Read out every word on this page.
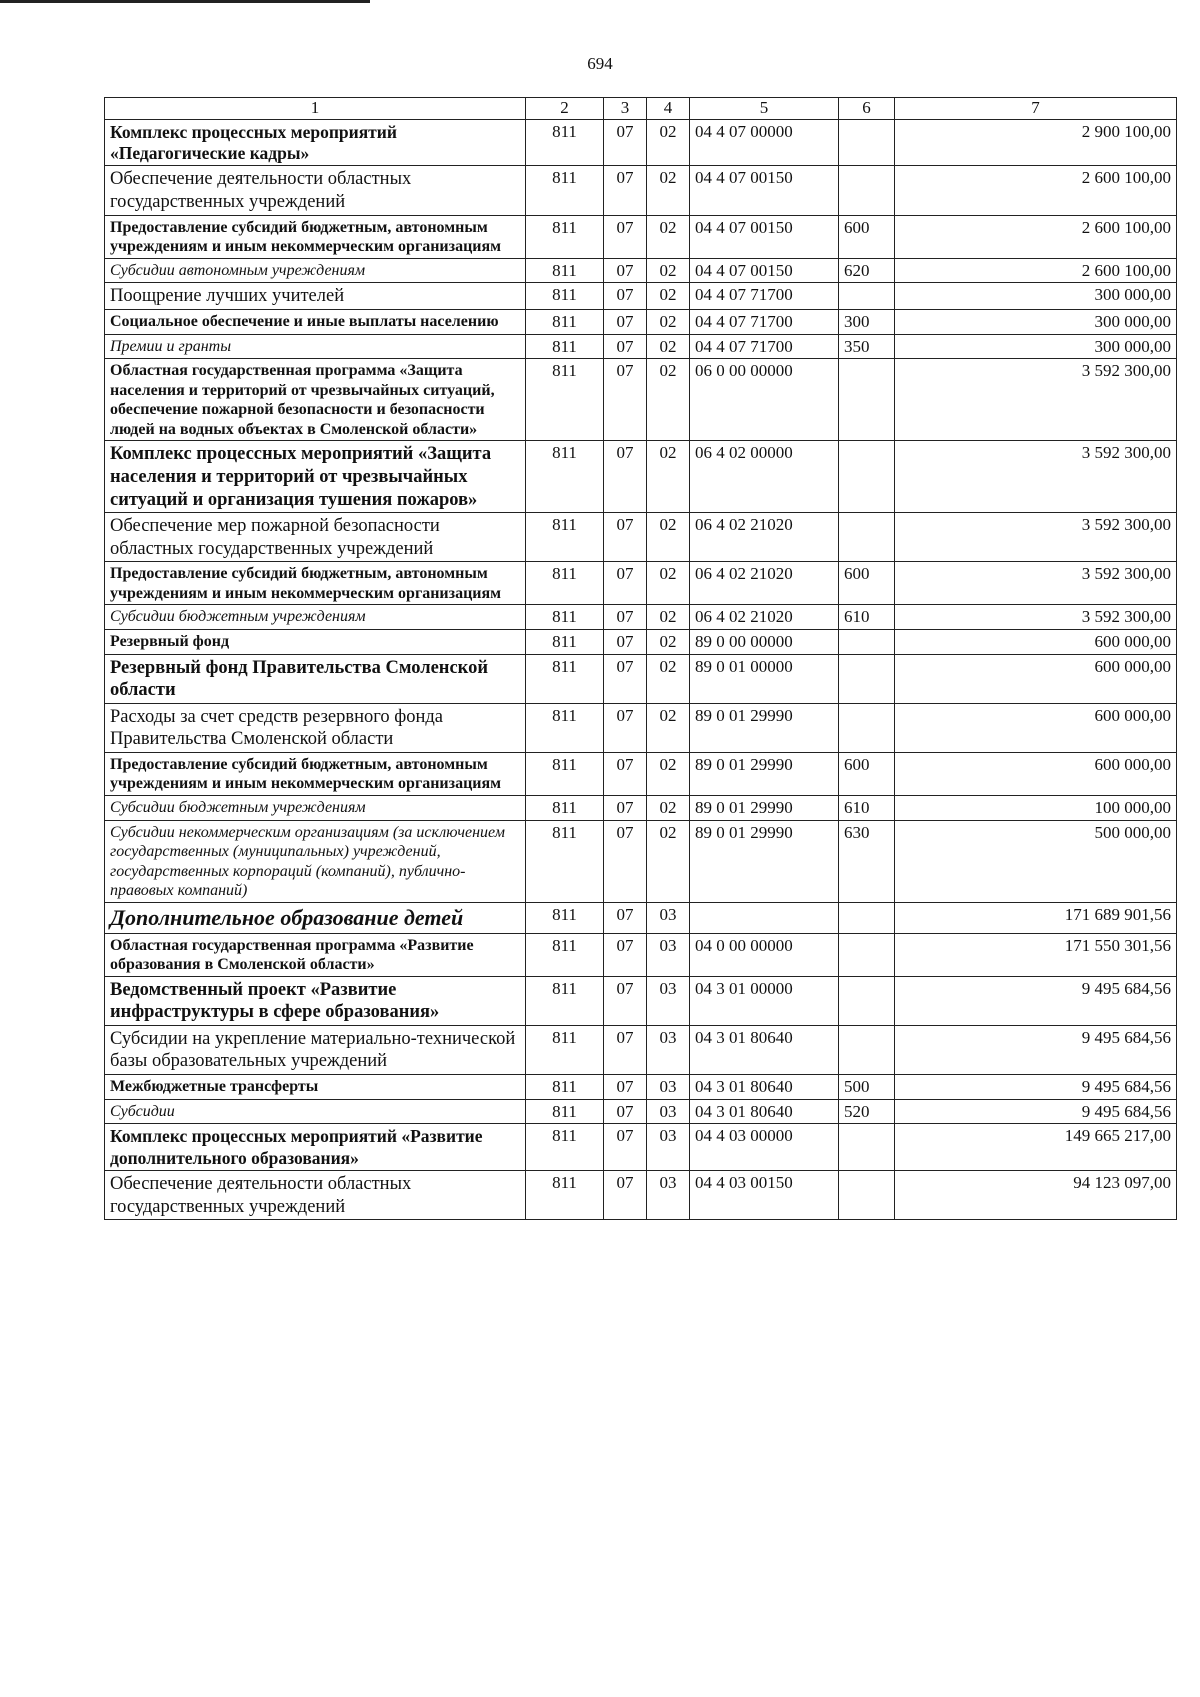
694
1	2	3	4	5	6	7
Комплекс процессных мероприятий «Педагогические кадры»	811	07	02	04 4 07 00000		2 900 100,00
Обеспечение деятельности областных государственных учреждений	811	07	02	04 4 07 00150		2 600 100,00
Предоставление субсидий бюджетным, автономным учреждениям и иным некоммерческим организациям	811	07	02	04 4 07 00150	600	2 600 100,00
Субсидии автономным учреждениям	811	07	02	04 4 07 00150	620	2 600 100,00
Поощрение лучших учителей	811	07	02	04 4 07 71700		300 000,00
Социальное обеспечение и иные выплаты населению	811	07	02	04 4 07 71700	300	300 000,00
Премии и гранты	811	07	02	04 4 07 71700	350	300 000,00
Областная государственная программа «Защита населения и территорий от чрезвычайных ситуаций, обеспечение пожарной безопасности и безопасности людей на водных объектах в Смоленской области»	811	07	02	06 0 00 00000		3 592 300,00
Комплекс процессных мероприятий «Защита населения и территорий от чрезвычайных ситуаций и организация тушения пожаров»	811	07	02	06 4 02 00000		3 592 300,00
Обеспечение мер пожарной безопасности областных государственных учреждений	811	07	02	06 4 02 21020		3 592 300,00
Предоставление субсидий бюджетным, автономным учреждениям и иным некоммерческим организациям	811	07	02	06 4 02 21020	600	3 592 300,00
Субсидии бюджетным учреждениям	811	07	02	06 4 02 21020	610	3 592 300,00
Резервный фонд	811	07	02	89 0 00 00000		600 000,00
Резервный фонд Правительства Смоленской области	811	07	02	89 0 01 00000		600 000,00
Расходы за счет средств резервного фонда Правительства Смоленской области	811	07	02	89 0 01 29990		600 000,00
Предоставление субсидий бюджетным, автономным учреждениям и иным некоммерческим организациям	811	07	02	89 0 01 29990	600	600 000,00
Субсидии бюджетным учреждениям	811	07	02	89 0 01 29990	610	100 000,00
Субсидии некоммерческим организациям (за исключением государственных (муниципальных) учреждений, государственных корпораций (компаний), публично-правовых компаний)	811	07	02	89 0 01 29990	630	500 000,00
Дополнительное образование детей	811	07	03			171 689 901,56
Областная государственная программа «Развитие образования в Смоленской области»	811	07	03	04 0 00 00000		171 550 301,56
Ведомственный проект «Развитие инфраструктуры в сфере образования»	811	07	03	04 3 01 00000		9 495 684,56
Субсидии на укрепление материально-технической базы образовательных учреждений	811	07	03	04 3 01 80640		9 495 684,56
Межбюджетные трансферты	811	07	03	04 3 01 80640	500	9 495 684,56
Субсидии	811	07	03	04 3 01 80640	520	9 495 684,56
Комплекс процессных мероприятий «Развитие дополнительного образования»	811	07	03	04 4 03 00000		149 665 217,00
Обеспечение деятельности областных государственных учреждений	811	07	03	04 4 03 00150		94 123 097,00
